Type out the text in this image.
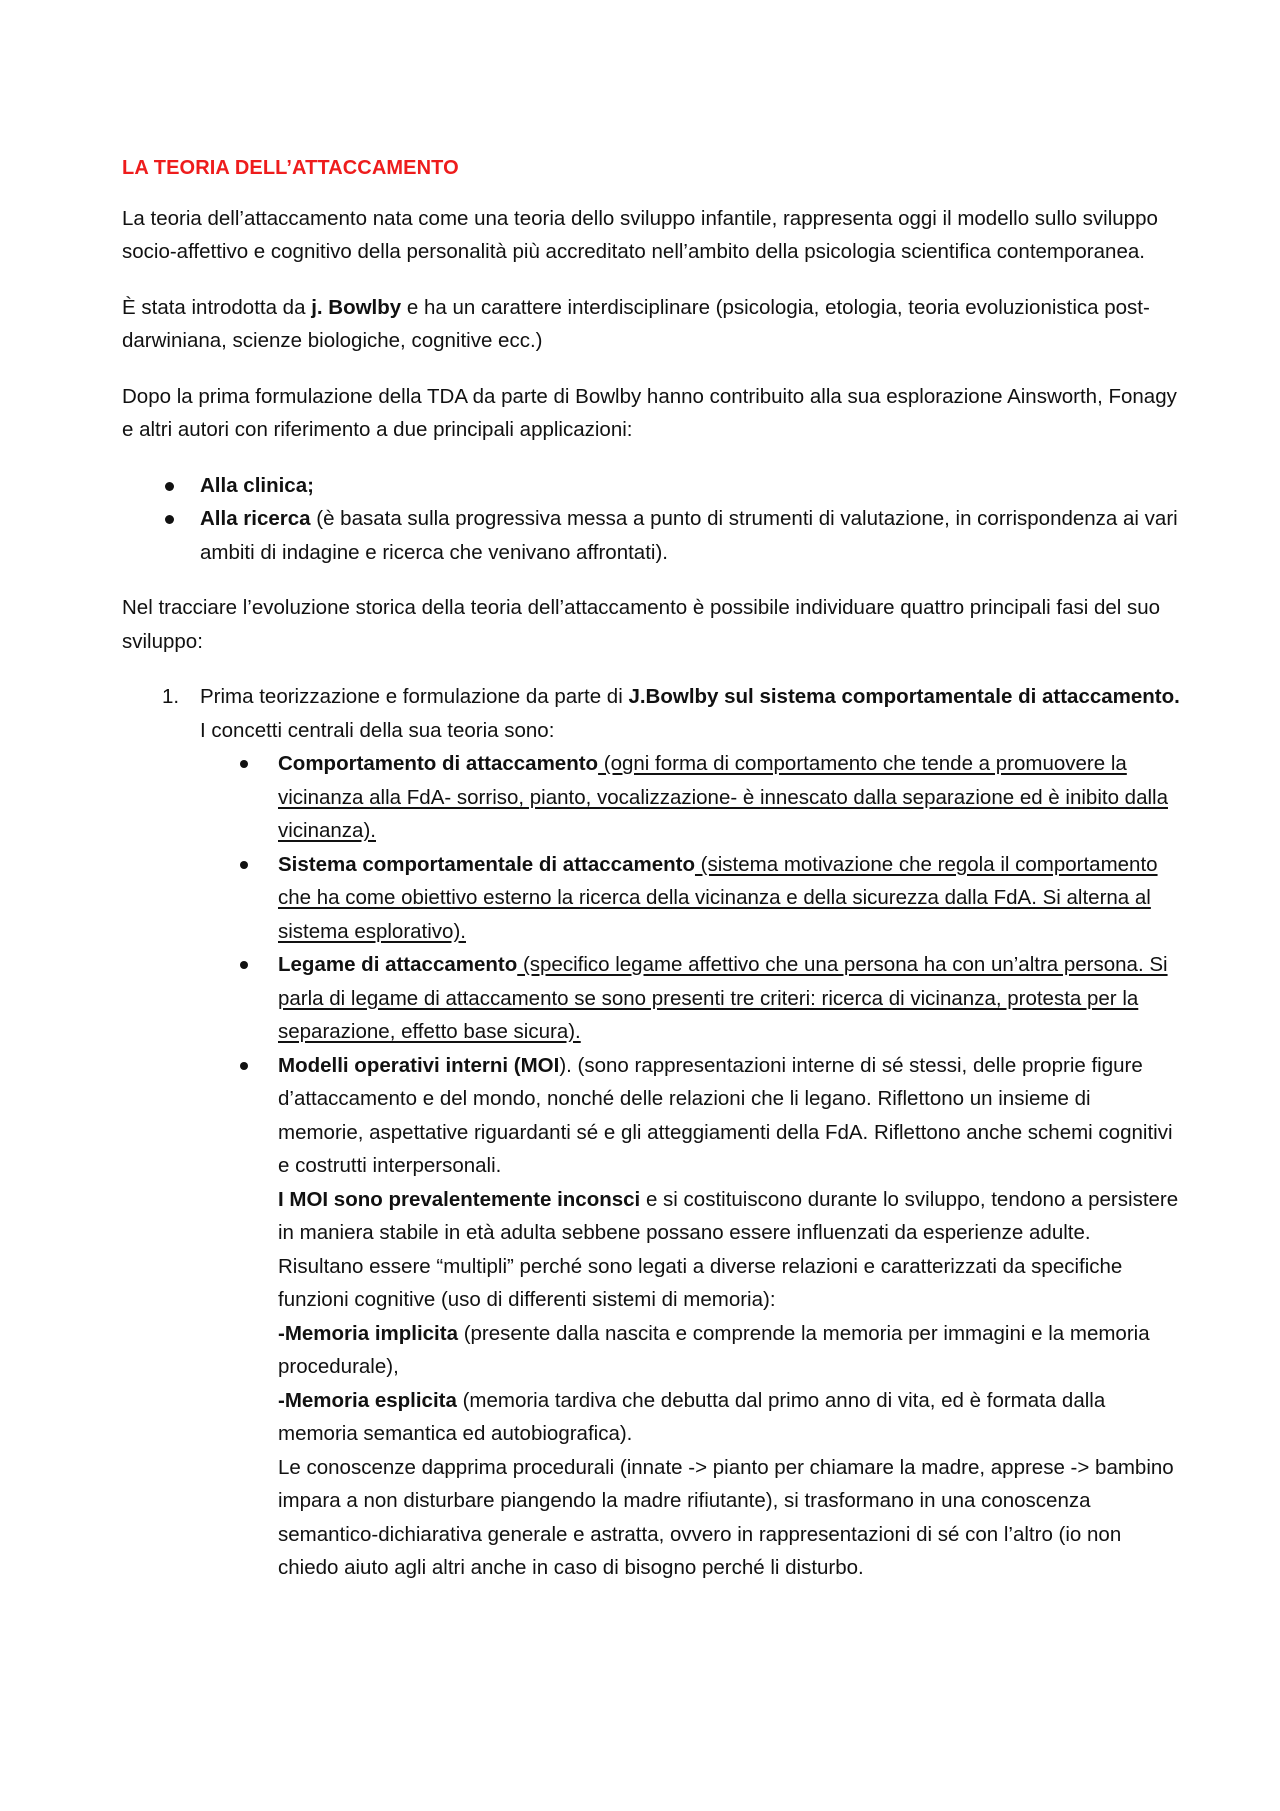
LA TEORIA DELL’ATTACCAMENTO

La teoria dell’attaccamento nata come una teoria dello sviluppo infantile, rappresenta oggi il modello sullo sviluppo socio-affettivo e cognitivo della personalità più accreditato nell’ambito della psicologia scientifica contemporanea.

È stata introdotta da j. Bowlby e ha un carattere interdisciplinare (psicologia, etologia, teoria evoluzionistica post-darwiniana, scienze biologiche, cognitive ecc.)

Dopo la prima formulazione della TDA da parte di Bowlby hanno contribuito alla sua esplorazione Ainsworth, Fonagy e altri autori con riferimento a due principali applicazioni:

Alla clinica;
Alla ricerca (è basata sulla progressiva messa a punto di strumenti di valutazione, in corrispondenza ai vari ambiti di indagine e ricerca che venivano affrontati).

Nel tracciare l’evoluzione storica della teoria dell’attaccamento è possibile individuare quattro principali fasi del suo sviluppo:

1. Prima teorizzazione e formulazione da parte di J.Bowlby sul sistema comportamentale di attaccamento. I concetti centrali della sua teoria sono:
Comportamento di attaccamento (ogni forma di comportamento che tende a promuovere la vicinanza alla FdA- sorriso, pianto, vocalizzazione- è innescato dalla separazione ed è inibito dalla vicinanza).
Sistema comportamentale di attaccamento (sistema motivazione che regola il comportamento che ha come obiettivo esterno la ricerca della vicinanza e della sicurezza dalla FdA. Si alterna al sistema esplorativo).
Legame di attaccamento (specifico legame affettivo che una persona ha con un’altra persona. Si parla di legame di attaccamento se sono presenti tre criteri: ricerca di vicinanza, protesta per la separazione, effetto base sicura).
Modelli operativi interni (MOI). (sono rappresentazioni interne di sé stessi, delle proprie figure d’attaccamento e del mondo, nonché delle relazioni che li legano. Riflettono un insieme di memorie, aspettative riguardanti sé e gli atteggiamenti della FdA. Riflettono anche schemi cognitivi e costrutti interpersonali.
I MOI sono prevalentemente inconsci e si costituiscono durante lo sviluppo, tendono a persistere in maniera stabile in età adulta sebbene possano essere influenzati da esperienze adulte. Risultano essere “multipli” perché sono legati a diverse relazioni e caratterizzati da specifiche funzioni cognitive (uso di differenti sistemi di memoria):
-Memoria implicita (presente dalla nascita e comprende la memoria per immagini e la memoria procedurale),
-Memoria esplicita (memoria tardiva che debutta dal primo anno di vita, ed è formata dalla memoria semantica ed autobiografica).
Le conoscenze dapprima procedurali (innate -> pianto per chiamare la madre, apprese -> bambino impara a non disturbare piangendo la madre rifiutante), si trasformano in una conoscenza semantico-dichiarativa generale e astratta, ovvero in rappresentazioni di sé con l’altro (io non chiedo aiuto agli altri anche in caso di bisogno perché li disturbo.
